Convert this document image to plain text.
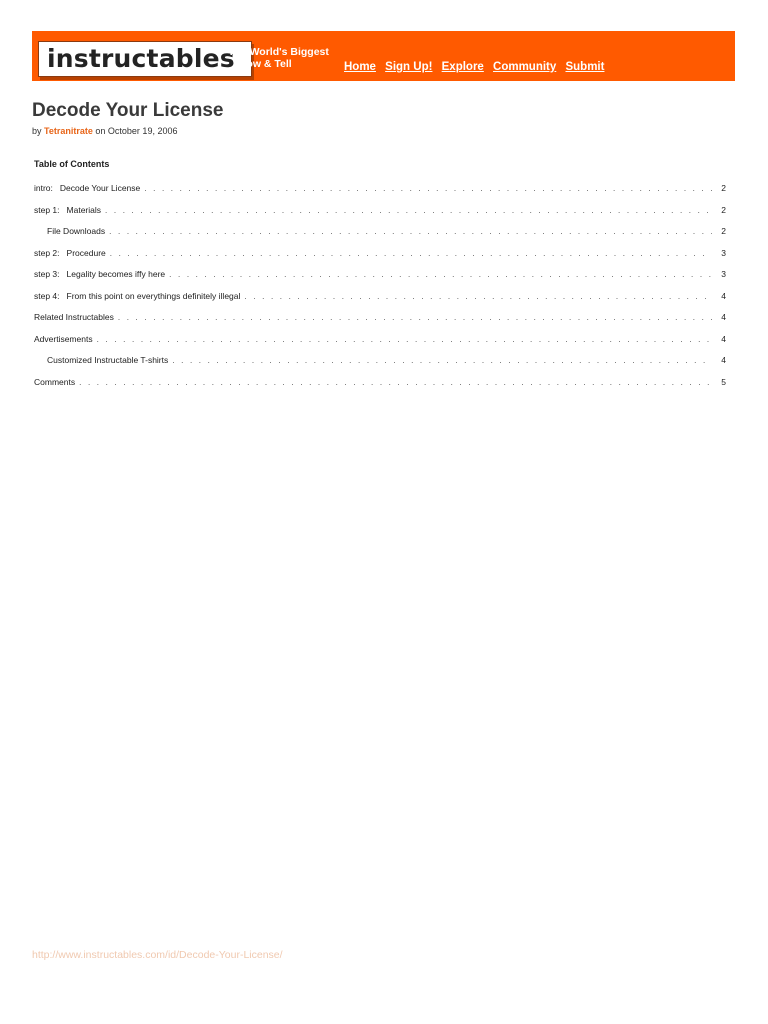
instructables
The World's Biggest
Show & Tell	Home Sign Up! Explore Community Submit
Decode Your License
by Tetranitrate on October 19, 2006
Table of Contents
intro: Decode Your License . . .	2
step 1: Materials . . .	2
File Downloads . . .	2
step 2: Procedure . . .	3
step 3: Legality becomes iffy here . . .	3
step 4: From this point on everythings definitely illegal . . .	4
Related Instructables . . .	4
Advertisements . . .	4
Customized Instructable T-shirts . . .	4
Comments . . .	5
http://www.instructables.com/id/Decode-Your-License/
